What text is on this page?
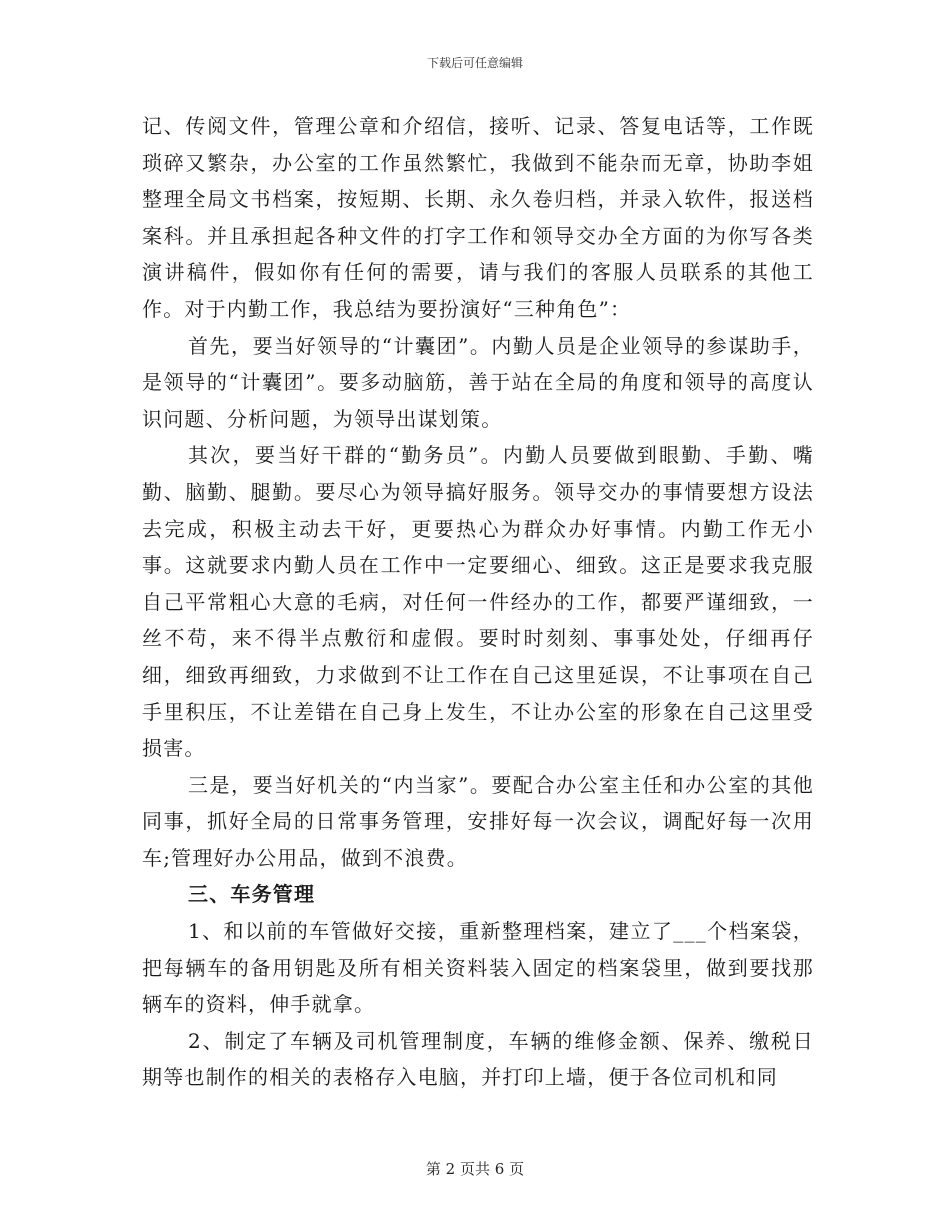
下载后可任意编辑

记、传阅文件，管理公章和介绍信，接听、记录、答复电话等，工作既琐碎又繁杂，办公室的工作虽然繁忙，我做到不能杂而无章，协助李姐整理全局文书档案，按短期、长期、永久卷归档，并录入软件，报送档案科。并且承担起各种文件的打字工作和领导交办全方面的为你写各类演讲稿件，假如你有任何的需要，请与我们的客服人员联系的其他工作。对于内勤工作，我总结为要扮演好“三种角色”：

首先，要当好领导的“计囊团”。内勤人员是企业领导的参谋助手，是领导的“计囊团”。要多动脑筋，善于站在全局的角度和领导的高度认识问题、分析问题，为领导出谋划策。

其次，要当好干群的“勤务员”。内勤人员要做到眼勤、手勤、嘴勤、脑勤、腿勤。要尽心为领导搞好服务。领导交办的事情要想方设法去完成，积极主动去干好，更要热心为群众办好事情。内勤工作无小事。这就要求内勤人员在工作中一定要细心、细致。这正是要求我克服自己平常粗心大意的毛病，对任何一件经办的工作，都要严谨细致，一丝不苟，来不得半点敷衍和虚假。要时时刻刻、事事处处，仔细再仔细，细致再细致，力求做到不让工作在自己这里延误，不让事项在自己手里积压，不让差错在自己身上发生，不让办公室的形象在自己这里受损害。

三是，要当好机关的“内当家”。要配合办公室主任和办公室的其他同事，抓好全局的日常事务管理，安排好每一次会议，调配好每一次用车;管理好办公用品，做到不浪费。

三、车务管理

1、和以前的车管做好交接，重新整理档案，建立了___个档案袋，把每辆车的备用钥匙及所有相关资料装入固定的档案袋里，做到要找那辆车的资料，伸手就拿。

2、制定了车辆及司机管理制度，车辆的维修金额、保养、缴税日期等也制作的相关的表格存入电脑，并打印上墙，便于各位司机和同

第 2 页共 6 页
